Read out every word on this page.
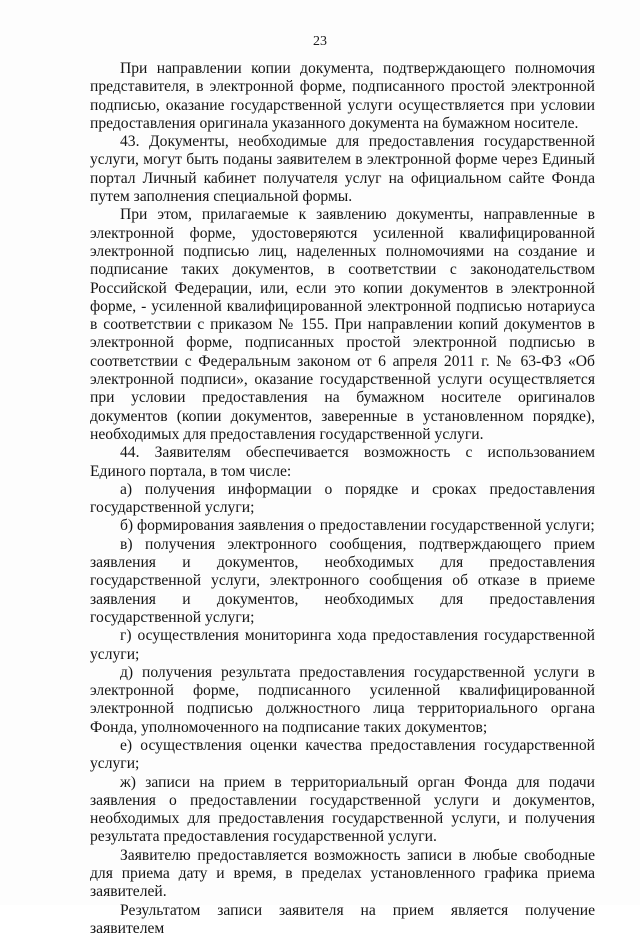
23

При направлении копии документа, подтверждающего полномочия представителя, в электронной форме, подписанного простой электронной подписью, оказание государственной услуги осуществляется при условии предоставления оригинала указанного документа на бумажном носителе.

43. Документы, необходимые для предоставления государственной услуги, могут быть поданы заявителем в электронной форме через Единый портал Личный кабинет получателя услуг на официальном сайте Фонда путем заполнения специальной формы.

При этом, прилагаемые к заявлению документы, направленные в электронной форме, удостоверяются усиленной квалифицированной электронной подписью лиц, наделенных полномочиями на создание и подписание таких документов, в соответствии с законодательством Российской Федерации, или, если это копии документов в электронной форме, - усиленной квалифицированной электронной подписью нотариуса в соответствии с приказом № 155. При направлении копий документов в электронной форме, подписанных простой электронной подписью в соответствии с Федеральным законом от 6 апреля 2011 г. № 63-ФЗ «Об электронной подписи», оказание государственной услуги осуществляется при условии предоставления на бумажном носителе оригиналов документов (копии документов, заверенные в установленном порядке), необходимых для предоставления государственной услуги.

44. Заявителям обеспечивается возможность с использованием Единого портала, в том числе:

а) получения информации о порядке и сроках предоставления государственной услуги;

б) формирования заявления о предоставлении государственной услуги;

в) получения электронного сообщения, подтверждающего прием заявления и документов, необходимых для предоставления государственной услуги, электронного сообщения об отказе в приеме заявления и документов, необходимых для предоставления государственной услуги;

г) осуществления мониторинга хода предоставления государственной услуги;

д) получения результата предоставления государственной услуги в электронной форме, подписанного усиленной квалифицированной электронной подписью должностного лица территориального органа Фонда, уполномоченного на подписание таких документов;

е) осуществления оценки качества предоставления государственной услуги;

ж) записи на прием в территориальный орган Фонда для подачи заявления о предоставлении государственной услуги и документов, необходимых для предоставления государственной услуги, и получения результата предоставления государственной услуги.

Заявителю предоставляется возможность записи в любые свободные для приема дату и время, в пределах установленного графика приема заявителей.

Результатом записи заявителя на прием является получение заявителем
